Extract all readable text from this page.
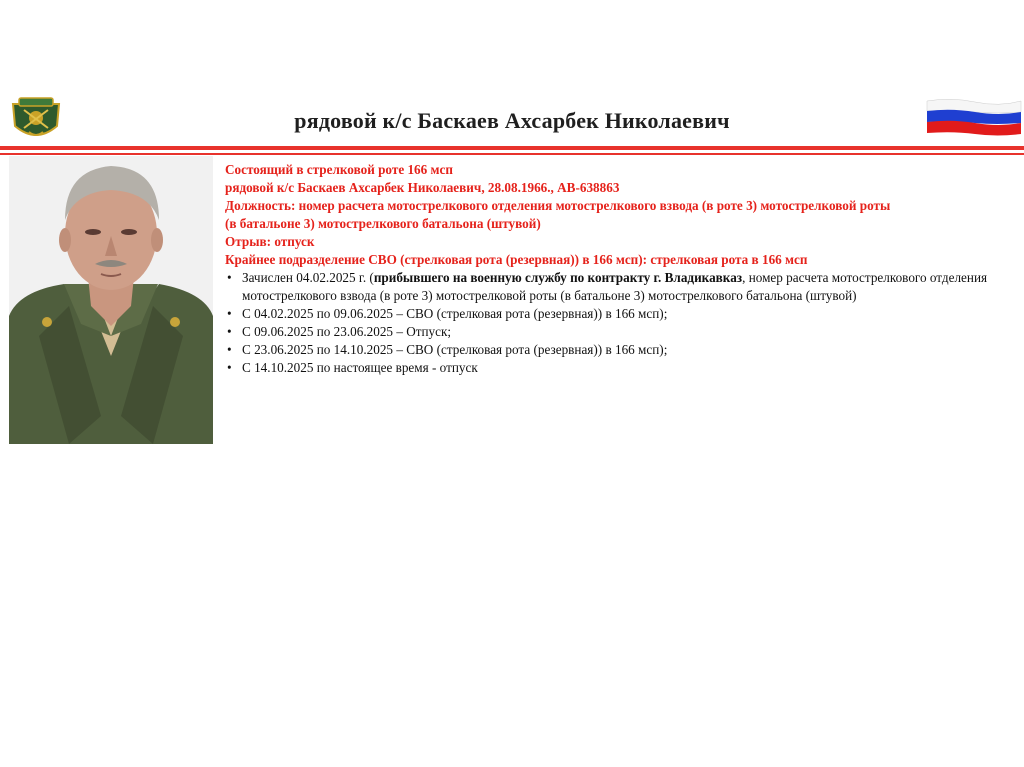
рядовой к/с Баскаев Ахсарбек Николаевич

Состоящий в стрелковой роте 166 мсп

рядовой к/с Баскаев Ахсарбек Николаевич, 28.08.1966., АВ-638863

Должность: номер расчета мотострелкового отделения мотострелкового взвода (в роте 3) мотострелковой роты

(в батальоне 3) мотострелкового батальона (штувой)

Отрыв: отпуск

Крайнее подразделение СВО (стрелковая рота (резервная)) в 166 мсп): стрелковая рота в 166 мсп

• Зачислен 04.02.2025 г. (прибывшего на военную службу по контракту г. Владикавказ, номер расчета мотострелкового отделения мотострелкового взвода (в роте 3) мотострелковой роты (в батальоне 3) мотострелкового батальона (штувой)
• С 04.02.2025 по 09.06.2025 – СВО (стрелковая рота (резервная)) в 166 мсп);
• С 09.06.2025 по 23.06.2025 – Отпуск;
• С 23.06.2025 по 14.10.2025 – СВО (стрелковая рота (резервная)) в 166 мсп);
• С 14.10.2025 по настоящее время - отпуск
